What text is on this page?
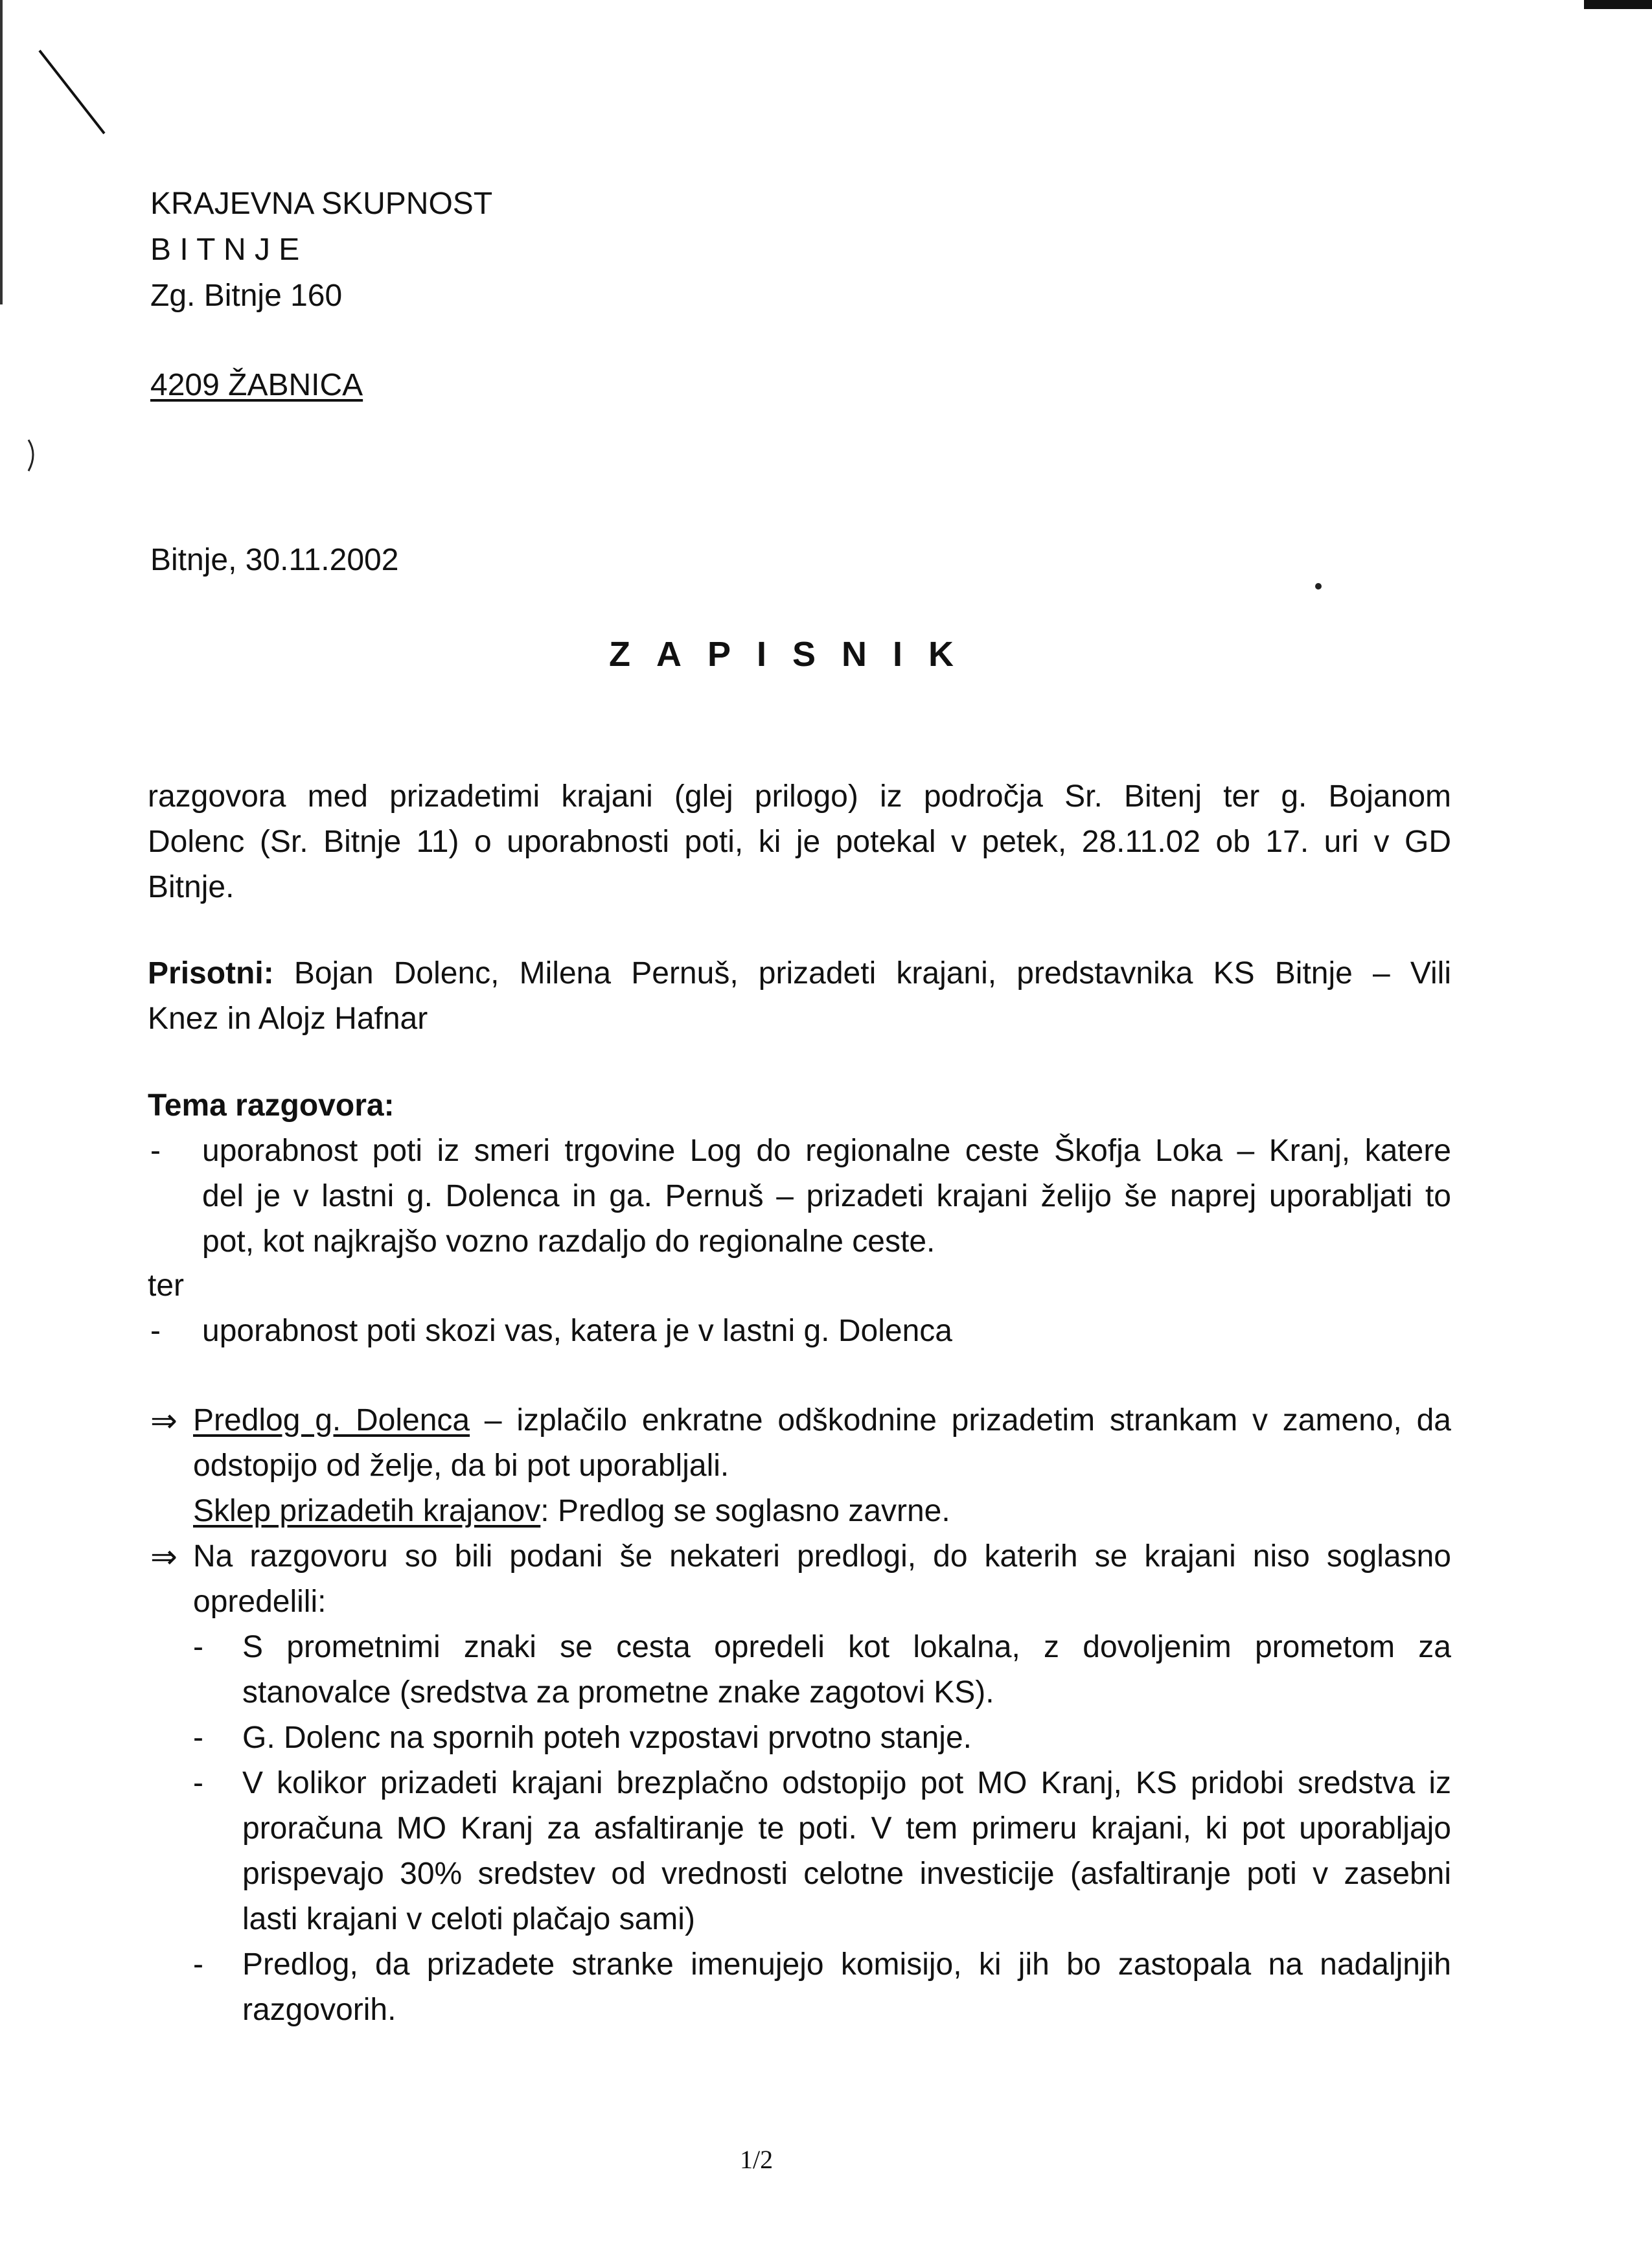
KRAJEVNA SKUPNOST
B I T N J E
Zg. Bitnje 160
4209 ŽABNICA
Bitnje, 30.11.2002
ZAPISNIK
razgovora med prizadetimi krajani (glej prilogo) iz področja Sr. Bitenj ter g. Bojanom
Dolenc (Sr. Bitnje 11) o uporabnosti poti, ki je potekal v petek, 28.11.02 ob 17. uri v GD
Bitnje.
Prisotni: Bojan Dolenc, Milena Pernuš, prizadeti krajani, predstavnika KS Bitnje – Vili
Knez in Alojz Hafnar
Tema razgovora:
- uporabnost poti iz smeri trgovine Log do regionalne ceste Škofja Loka – Kranj, katere
del je v lastni g. Dolenca in ga. Pernuš – prizadeti krajani želijo še naprej uporabljati to
pot, kot najkrajšo vozno razdaljo do regionalne ceste.
ter
- uporabnost poti skozi vas, katera je v lastni g. Dolenca
⇒ Predlog g. Dolenca – izplačilo enkratne odškodnine prizadetim strankam v zameno, da
odstopijo od želje, da bi pot uporabljali.
Sklep prizadetih krajanov: Predlog se soglasno zavrne.
⇒ Na razgovoru so bili podani še nekateri predlogi, do katerih se krajani niso soglasno
opredelili:
- S prometnimi znaki se cesta opredeli kot lokalna, z dovoljenim prometom za
stanovalce (sredstva za prometne znake zagotovi KS).
- G. Dolenc na spornih poteh vzpostavi prvotno stanje.
- V kolikor prizadeti krajani brezplačno odstopijo pot MO Kranj, KS pridobi sredstva iz
proračuna MO Kranj za asfaltiranje te poti. V tem primeru krajani, ki pot uporabljajo
prispevajo 30% sredstev od vrednosti celotne investicije (asfaltiranje poti v zasebni
lasti krajani v celoti plačajo sami)
- Predlog, da prizadete stranke imenujejo komisijo, ki jih bo zastopala na nadaljnjih
razgovorih.
1/2
